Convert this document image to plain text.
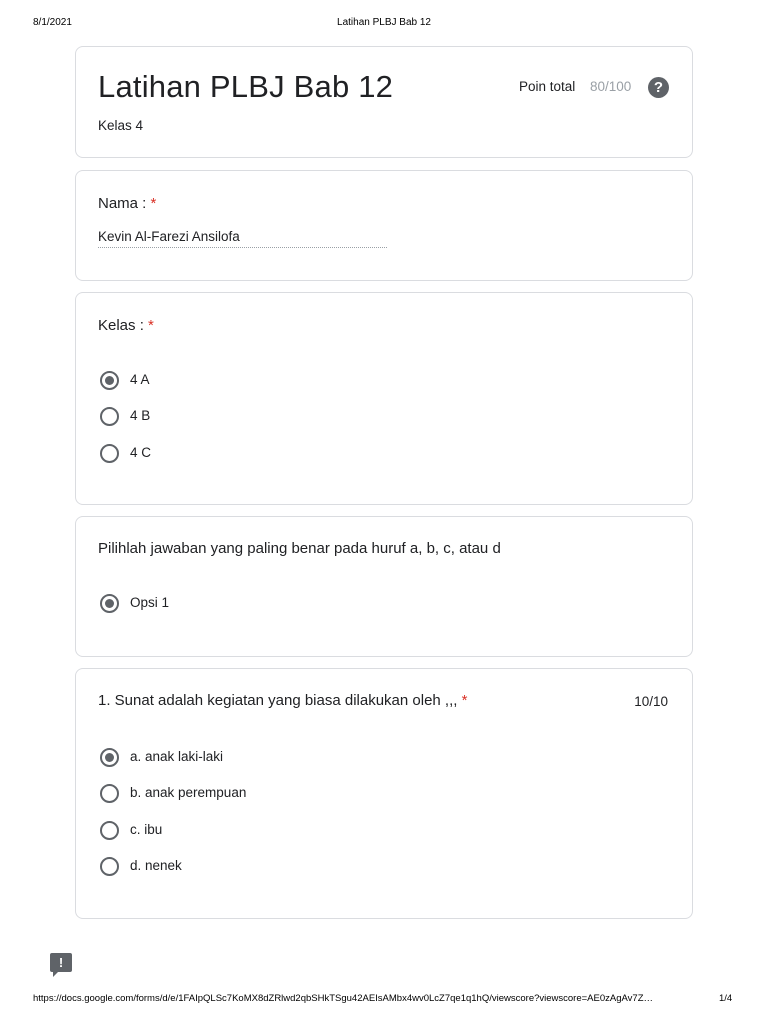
8/1/2021	Latihan PLBJ Bab 12
Latihan PLBJ Bab 12
Kelas 4
Poin total 80/100	?
Nama : *
Kevin Al-Farezi Ansilofa
Kelas : *
4 A
4 B
4 C
Pilihlah jawaban yang paling benar pada huruf a, b, c, atau d
Opsi 1
1. Sunat adalah kegiatan yang biasa dilakukan oleh ,,, *	10/10
a. anak laki-laki
b. anak perempuan
c. ibu
d. nenek
!
https://docs.google.com/forms/d/e/1FAIpQLSc7KoMX8dZRlwd2qbSHkTSgu42AEIsAMbx4wv0LcZ7qe1q1hQ/viewscore?viewscore=AE0zAgAv7Z…	1/4
